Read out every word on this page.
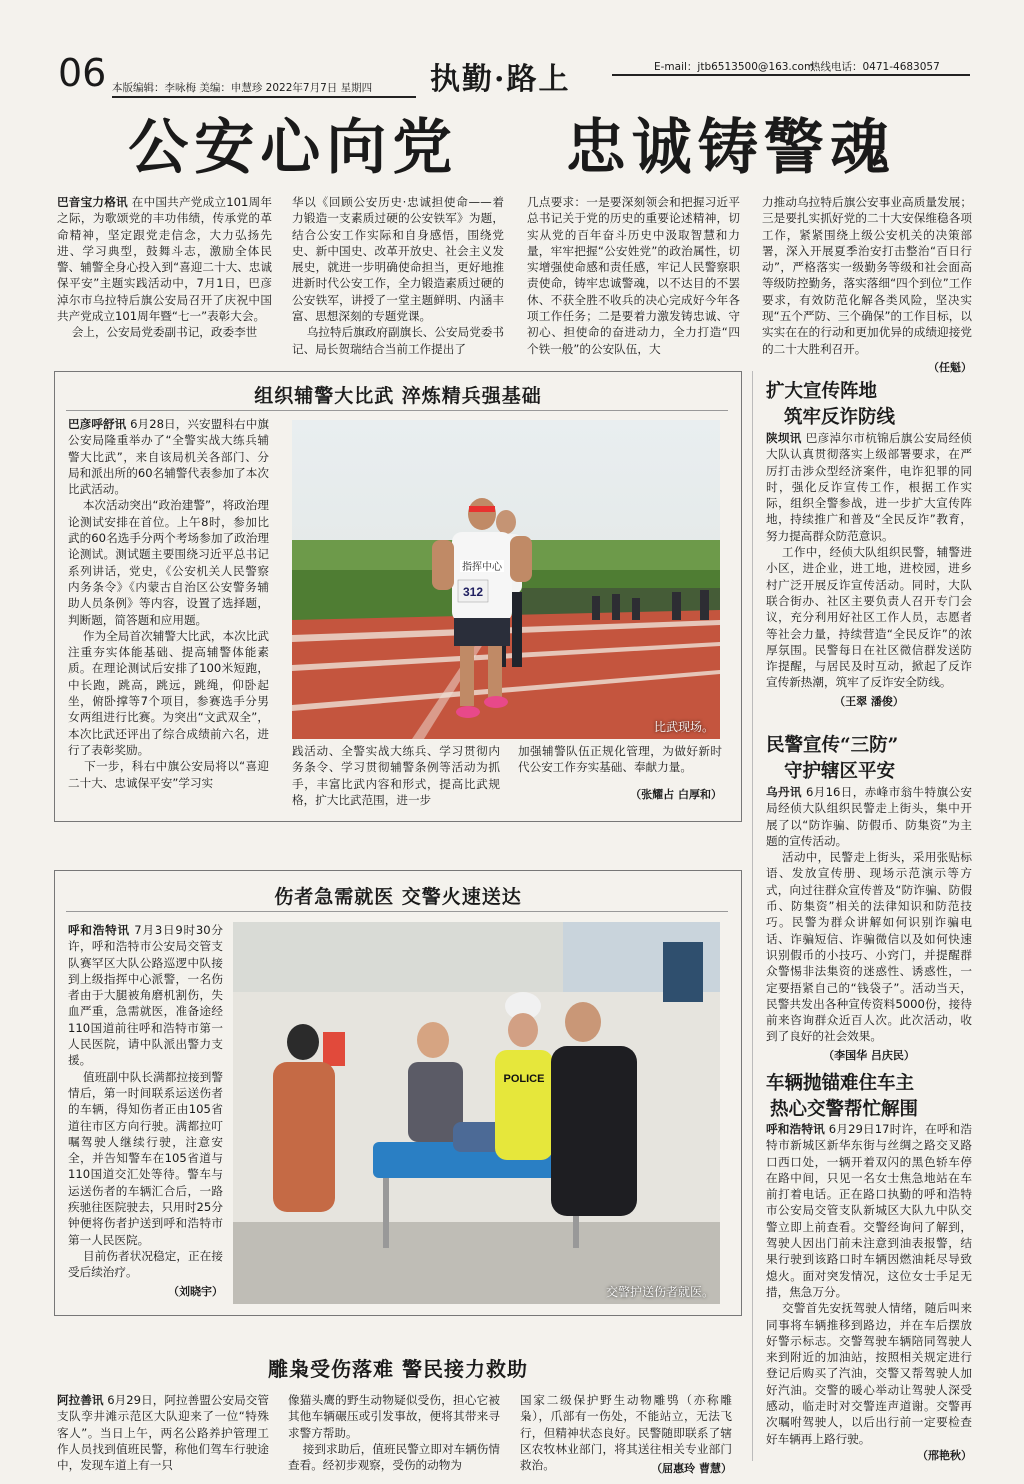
06 本版编辑：李咏梅 美编：申慧珍 2022年7月7日 星期四 执勤·路上	E-mail：jtb6513500@163.com
热线电话：0471-4683057
公安心向党    忠诚铸警魂

巴音宝力格讯 在中国共产党成立101周年之际，为歌颂党的丰功伟绩，传承党的革命精神，坚定跟党走信念，大力弘扬先进、学习典型，鼓舞斗志，激励全体民警、辅警全身心投入到“喜迎二十大、忠诚保平安”主题实践活动中，7月1日，巴彦淖尔市乌拉特后旗公安局召开了庆祝中国共产党成立101周年暨“七一”表彰大会。
会上，公安局党委副书记，政委李世

华以《回顾公安历史·忠诚担使命——着力锻造一支素质过硬的公安铁军》为题，结合公安工作实际和自身感悟，围绕党史、新中国史、改革开放史、社会主义发展史，就进一步明确使命担当，更好地推进新时代公安工作，全力锻造素质过硬的公安铁军，讲授了一堂主题鲜明、内涵丰富、思想深刻的专题党课。
乌拉特后旗政府副旗长、公安局党委书记、局长贺瑞结合当前工作提出了

几点要求：一是要深刻领会和把握习近平总书记关于党的历史的重要论述精神，切实从党的百年奋斗历史中汲取智慧和力量，牢牢把握“公安姓党”的政治属性，切实增强使命感和责任感，牢记人民警察职责使命，铸牢忠诚警魂，以不达目的不罢休、不获全胜不收兵的决心完成好今年各项工作任务；二是要着力激发铸忠诚、守初心、担使命的奋进动力，全力打造“四个铁一般”的公安队伍，大

力推动乌拉特后旗公安事业高质量发展；三是要扎实抓好党的二十大安保维稳各项工作，紧紧围绕上级公安机关的决策部署，深入开展夏季治安打击整治“百日行动”，严格落实一级勤务等级和社会面高等级防控勤务，落实落细“四个到位”工作要求，有效防范化解各类风险，坚决实现“五个严防、三个确保”的工作目标，以实实在在的行动和更加优异的成绩迎接党的二十大胜利召开。

（任魁）
组织辅警大比武 淬炼精兵强基础

巴彦呼舒讯 6月28日，兴安盟科右中旗公安局隆重举办了“全警实战大练兵辅警大比武”，来自该局机关各部门、分局和派出所的60名辅警代表参加了本次比武活动。
本次活动突出“政治建警”，将政治理论测试安排在首位。上午8时，参加比武的60名选手分两个考场参加了政治理论测试。测试题主要围绕习近平总书记系列讲话，党史，《公安机关人民警察内务条令》《内蒙古自治区公安警务辅助人员条例》等内容，设置了选择题，判断题，简答题和应用题。
作为全局首次辅警大比武，本次比武注重夯实体能基础、提高辅警体能素质。在理论测试后安排了100米短跑，中长跑，跳高，跳远，跳绳，仰卧起坐，俯卧撑等7个项目，参赛选手分男女两组进行比赛。为突出“文武双全”，本次比武还评出了综合成绩前六名，进行了表彰奖励。
下一步，科右中旗公安局将以“喜迎二十大、忠诚保平安”学习实

指挥中心
312
比武现场。

践活动、全警实战大练兵、学习贯彻内务条令、学习贯彻辅警条例等活动为抓手，丰富比武内容和形式，提高比武规格，扩大比武范围，进一步

加强辅警队伍正规化管理，为做好新时代公安工作夯实基础、奉献力量。

（张耀占 白厚和）
伤者急需就医 交警火速送达

呼和浩特讯 7月3日9时30分许，呼和浩特市公安局交管支队赛罕区大队公路巡逻中队接到上级指挥中心派警，一名伤者由于大腿被角磨机割伤，失血严重，急需就医，准备途经110国道前往呼和浩特市第一人民医院，请中队派出警力支援。
值班副中队长满都拉接到警情后，第一时间联系运送伤者的车辆，得知伤者正由105省道往市区方向行驶。满都拉叮嘱驾驶人继续行驶，注意安全，并告知警车在105省道与110国道交汇处等待。警车与运送伤者的车辆汇合后，一路疾驰往医院驶去，只用时25分钟便将伤者护送到呼和浩特市第一人民医院。
目前伤者状况稳定，正在接受后续治疗。

（刘晓宇）
POLICE
交警护送伤者就医。
扩大宣传阵地
筑牢反诈防线

陕坝讯 巴彦淖尔市杭锦后旗公安局经侦大队认真贯彻落实上级部署要求，在严厉打击涉众型经济案件，电诈犯罪的同时，强化反诈宣传工作，根据工作实际，组织全警参战，进一步扩大宣传阵地，持续推广和普及“全民反诈”教育，努力提高群众防范意识。
工作中，经侦大队组织民警，辅警进小区，进企业，进工地，进校园，进乡村广泛开展反诈宣传活动。同时，大队联合街办、社区主要负责人召开专门会议，充分利用好社区工作人员，志愿者等社会力量，持续营造“全民反诈”的浓厚氛围。民警每日在社区微信群发送防诈提醒，与居民及时互动，掀起了反诈宣传新热潮，筑牢了反诈安全防线。

（王翠 潘俊）
民警宣传“三防”
守护辖区平安

乌丹讯 6月16日，赤峰市翁牛特旗公安局经侦大队组织民警走上街头，集中开展了以“防诈骗、防假币、防集资”为主题的宣传活动。
活动中，民警走上街头，采用张贴标语、发放宣传册、现场示范演示等方式，向过往群众宣传普及“防诈骗、防假币、防集资”相关的法律知识和防范技巧。民警为群众讲解如何识别诈骗电话、诈骗短信、诈骗微信以及如何快速识别假币的小技巧、小窍门，并提醒群众警惕非法集资的迷惑性、诱惑性，一定要捂紧自己的“钱袋子”。活动当天，民警共发出各种宣传资料5000份，接待前来咨询群众近百人次。此次活动，收到了良好的社会效果。

（李国华 吕庆民）
车辆抛锚难住车主
热心交警帮忙解围

呼和浩特讯 6月29日17时许，在呼和浩特市新城区新华东街与丝绸之路交叉路口西口处，一辆开着双闪的黑色轿车停在路中间，只见一名女士焦急地站在车前打着电话。正在路口执勤的呼和浩特市公安局交管支队新城区大队九中队交警立即上前查看。交警经询问了解到，驾驶人因出门前未注意到油表报警，结果行驶到该路口时车辆因燃油耗尽导致熄火。面对突发情况，这位女士手足无措，焦急万分。
交警首先安抚驾驶人情绪，随后叫来同事将车辆推移到路边，并在车后摆放好警示标志。交警驾驶车辆陪同驾驶人来到附近的加油站，按照相关规定进行登记后购买了汽油，交警又帮驾驶人加好汽油。交警的暖心举动让驾驶人深受感动，临走时对交警连声道谢。交警再次嘱咐驾驶人，以后出行前一定要检查好车辆再上路行驶。

（邢艳秋）
雕枭受伤落难 警民接力救助

阿拉善讯 6月29日，阿拉善盟公安局交管支队孪井滩示范区大队迎来了一位“特殊客人”。当日上午，两名公路养护管理工作人员找到值班民警，称他们驾车行驶途中，发现车道上有一只

像猫头鹰的野生动物疑似受伤，担心它被其他车辆碾压或引发事故，便将其带来寻求警方帮助。
接到求助后，值班民警立即对车辆伤情查看。经初步观察，受伤的动物为

国家二级保护野生动物雕鸮（亦称雕枭），爪部有一伤处，不能站立，无法飞行，但精神状态良好。民警随即联系了辖区农牧林业部门，将其送往相关专业部门救治。	（屈惠玲 曹慧）
